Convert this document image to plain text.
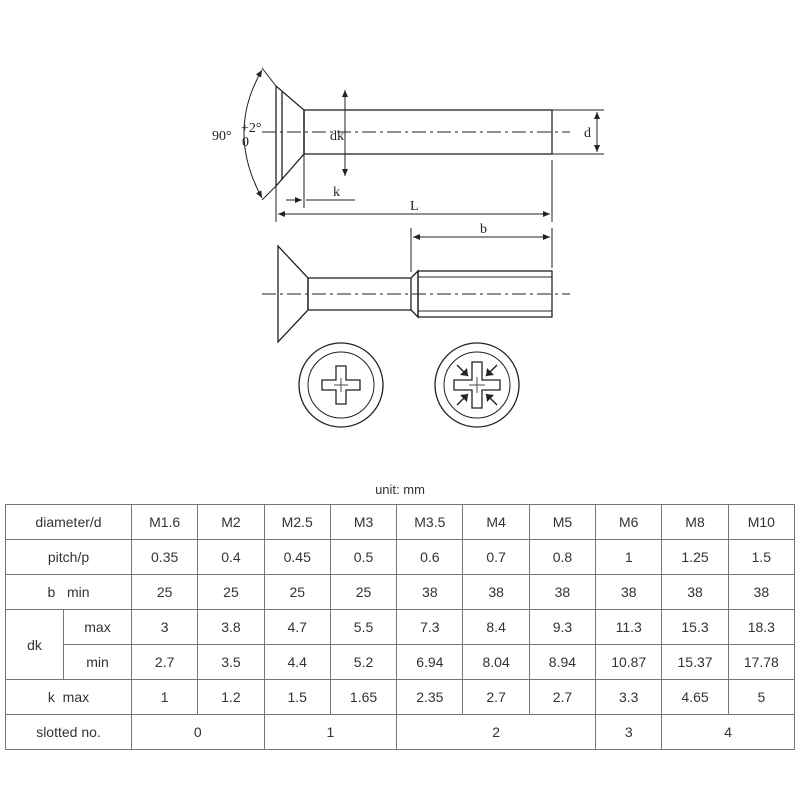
90°
+2°
0	dk	d
k
L
b
unit: mm
diameter/d		M1.6	M2	M2.5	M3	M3.5	M4	M5	M6	M8	M10
pitch/p		0.35	0.4	0.45	0.5	0.6	0.7	0.8	1	1.25	1.5
b   min		25	25	25	25	38	38	38	38	38	38
dk	max	3	3.8	4.7	5.5	7.3	8.4	9.3	11.3	15.3	18.3
	min	2.7	3.5	4.4	5.2	6.94	8.04	8.94	10.87	15.37	17.78
k  max		1	1.2	1.5	1.65	2.35	2.7	2.7	3.3	4.65	5
slotted no.		0		1		2			3	4	
